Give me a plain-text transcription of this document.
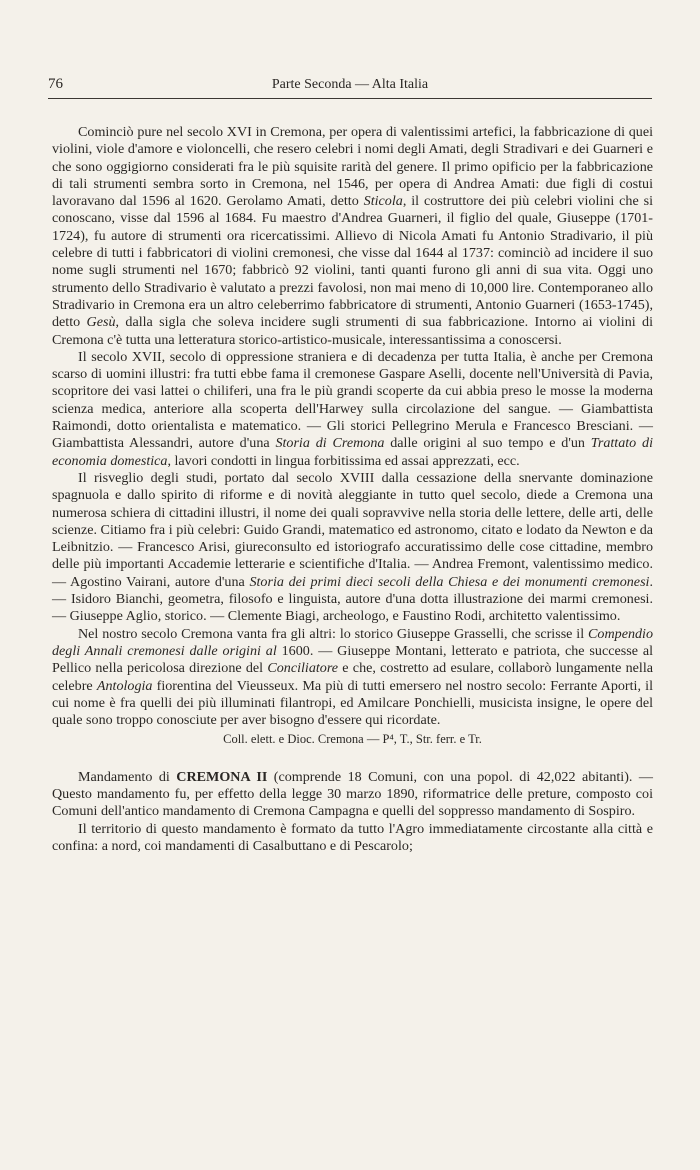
76	Parte Seconda — Alta Italia

Cominciò pure nel secolo XVI in Cremona, per opera di valentissimi artefici, la fabbricazione di quei violini, viole d'amore e violoncelli, che resero celebri i nomi degli Amati, degli Stradivari e dei Guarneri e che sono oggigiorno considerati fra le più squisite rarità del genere. Il primo opificio per la fabbricazione di tali strumenti sembra sorto in Cremona, nel 1546, per opera di Andrea Amati: due figli di costui lavoravano dal 1596 al 1620. Gerolamo Amati, detto Sticola, il costruttore dei più celebri violini che si conoscano, visse dal 1596 al 1684. Fu maestro d'Andrea Guarneri, il figlio del quale, Giuseppe (1701-1724), fu autore di strumenti ora ricercatissimi. Allievo di Nicola Amati fu Antonio Stradivario, il più celebre di tutti i fabbricatori di violini cremonesi, che visse dal 1644 al 1737: cominciò ad incidere il suo nome sugli strumenti nel 1670; fabbricò 92 violini, tanti quanti furono gli anni di sua vita. Oggi uno strumento dello Stradivario è valutato a prezzi favolosi, non mai meno di 10,000 lire. Contemporaneo allo Stradivario in Cremona era un altro celeberrimo fabbricatore di strumenti, Antonio Guarneri (1653-1745), detto Gesù, dalla sigla che soleva incidere sugli strumenti di sua fabbricazione. Intorno ai violini di Cremona c'è tutta una letteratura storico-artistico-musicale, interessantissima a conoscersi.

Il secolo XVII, secolo di oppressione straniera e di decadenza per tutta Italia, è anche per Cremona scarso di uomini illustri: fra tutti ebbe fama il cremonese Gaspare Aselli, docente nell'Università di Pavia, scopritore dei vasi lattei o chiliferi, una fra le più grandi scoperte da cui abbia preso le mosse la moderna scienza medica, anteriore alla scoperta dell'Harwey sulla circolazione del sangue. — Giambattista Raimondi, dotto orientalista e matematico. — Gli storici Pellegrino Merula e Francesco Bresciani. — Giambattista Alessandri, autore d'una Storia di Cremona dalle origini al suo tempo e d'un Trattato di economia domestica, lavori condotti in lingua forbitissima ed assai apprezzati, ecc.

Il risveglio degli studi, portato dal secolo XVIII dalla cessazione della snervante dominazione spagnuola e dallo spirito di riforme e di novità aleggiante in tutto quel secolo, diede a Cremona una numerosa schiera di cittadini illustri, il nome dei quali sopravvive nella storia delle lettere, delle arti, delle scienze. Citiamo fra i più celebri: Guido Grandi, matematico ed astronomo, citato e lodato da Newton e da Leibnitzio. — Francesco Arisi, giureconsulto ed istoriografo accuratissimo delle cose cittadine, membro delle più importanti Accademie letterarie e scientifiche d'Italia. — Andrea Fremont, valentissimo medico. — Agostino Vairani, autore d'una Storia dei primi dieci secoli della Chiesa e dei monumenti cremonesi. — Isidoro Bianchi, geometra, filosofo e linguista, autore d'una dotta illustrazione dei marmi cremonesi. — Giuseppe Aglio, storico. — Clemente Biagi, archeologo, e Faustino Rodi, architetto valentissimo.

Nel nostro secolo Cremona vanta fra gli altri: lo storico Giuseppe Grasselli, che scrisse il Compendio degli Annali cremonesi dalle origini al 1600. — Giuseppe Montani, letterato e patriota, che successe al Pellico nella pericolosa direzione del Conciliatore e che, costretto ad esulare, collaborò lungamente nella celebre Antologia fiorentina del Vieusseux. Ma più di tutti emersero nel nostro secolo: Ferrante Aporti, il cui nome è fra quelli dei più illuminati filantropi, ed Amilcare Ponchielli, musicista insigne, le opere del quale sono troppo conosciute per aver bisogno d'essere qui ricordate.

Coll. elett. e Dioc. Cremona — P⁴, T., Str. ferr. e Tr.

Mandamento di CREMONA II (comprende 18 Comuni, con una popol. di 42,022 abitanti). — Questo mandamento fu, per effetto della legge 30 marzo 1890, riformatrice delle preture, composto coi Comuni dell'antico mandamento di Cremona Campagna e quelli del soppresso mandamento di Sospiro.

Il territorio di questo mandamento è formato da tutto l'Agro immediatamente circostante alla città e confina: a nord, coi mandamenti di Casalbuttano e di Pescarolo;
